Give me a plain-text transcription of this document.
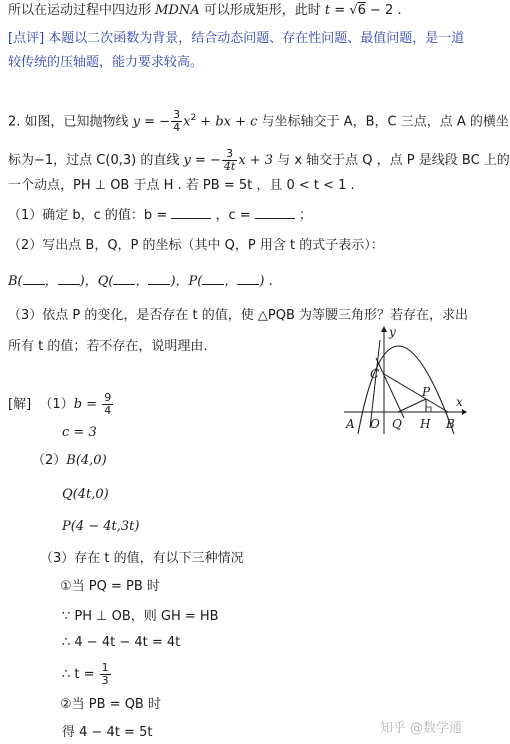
所以在运动过程中四边形 MDNA 可以形成矩形，此时 t = √6 − 2 .
[点评] 本题以二次函数为背景，结合动态问题、存在性问题、最值问题，是一道
较传统的压轴题，能力要求较高。
2. 如图，已知抛物线 y = − $\frac{3}{4} x^2$ + bx + c 与坐标轴交于 A，B，C 三点，点 A 的横坐
标为−1，过点 C(0,3) 的直线 y = − $\frac{3}{4t}$ x + 3 与 x 轴交于点 Q ，点 P 是线段 BC 上的
一个动点，PH ⊥ OB 于点 H . 若 PB = 5t ，且 0 < t < 1 .
（1）确定 b，c 的值：b =	，c =	；
（2）写出点 B，Q，P 的坐标（其中 Q，P 用含 t 的式子表示）：
B( ， )，Q( ， )，P( ， ) .
（3）依点 P 的变化，是否存在 t 的值，使 △PQB 为等腰三角形？若存在，求出
所有 t 的值；若不存在，说明理由.
y
C
P
A O Q H B
x
[解] $(1)b = \frac{9}{4}$
c = 3
（2）B(4,0)
Q(4t,0)
P(4 − 4t,3t)
（3）存在 t 的值，有以下三种情况
①当 PQ = PB 时
∵ PH ⊥ OB，则 GH = HB
∴ 4 − 4t − 4t = 4t
∴ $t = \frac{1}{3}$
②当 PB = QB 时
得 4 − 4t = 5t	知乎 @数学通
